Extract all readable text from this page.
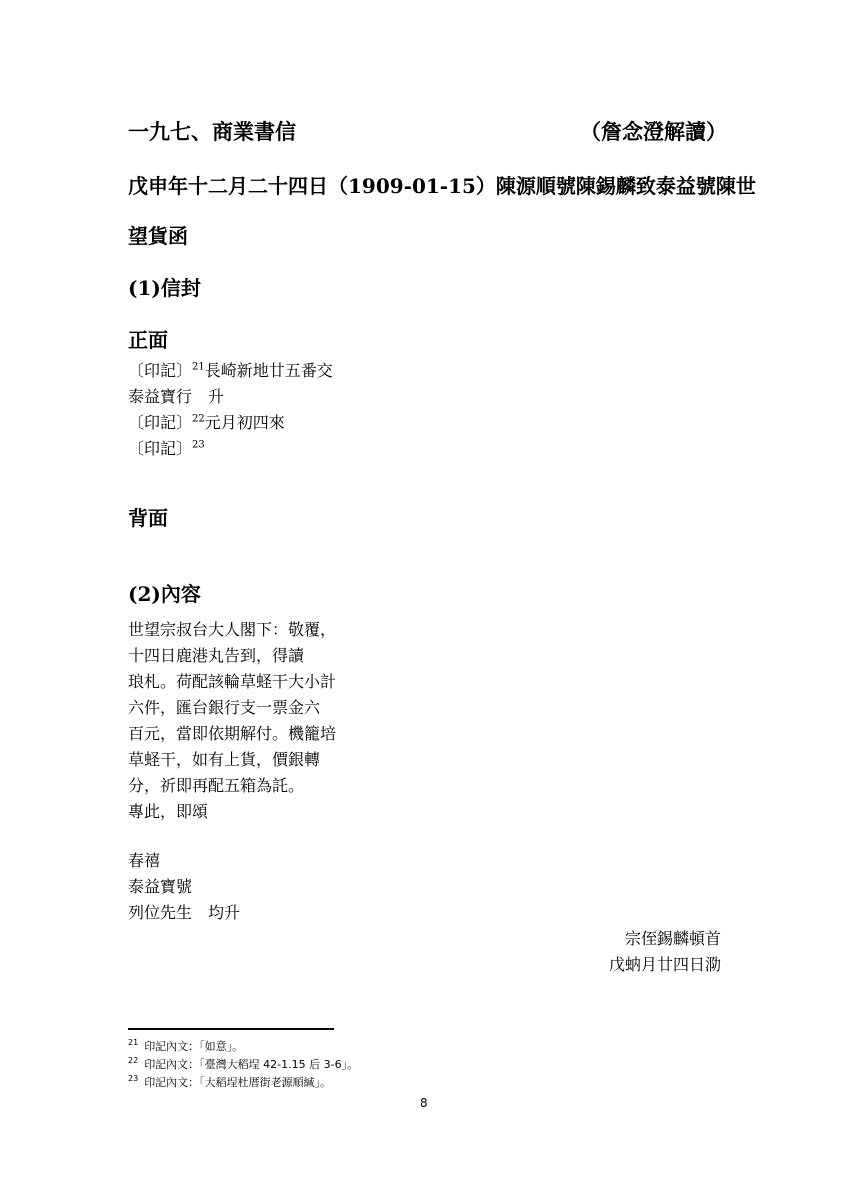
一九七、商業書信	（詹念澄解讀）
戊申年十二月二十四日（1909-01-15）陳源順號陳錫麟致泰益號陳世
望貨函
(1)信封
正面
〔印記〕$^{21}$長崎新地廿五番交
泰益寶行　升
〔印記〕$^{22}$元月初四來
〔印記〕$^{23}$
背面
(2)內容
世望宗叔台大人閣下：敬覆，
十四日鹿港丸告到，得讀
琅札。荷配該輪草蛏干大小計
六件，匯台銀行支一票金六
百元，當即依期解付。機籠培
草蛏干，如有上貨，價銀轉
分，祈即再配五箱為託。
專此，即頌
春禧
泰益寶號
列位先生　均升
宗侄錫麟頓首
戊蚋月廿四日泐
$^{21}$ 印記內文：「如意」。
$^{22}$ 印記內文：「臺灣大稻埕 42-1.15 后 3-6」。
$^{23}$ 印記內文：「大稻埕杜厝街老源順緘」。
8
